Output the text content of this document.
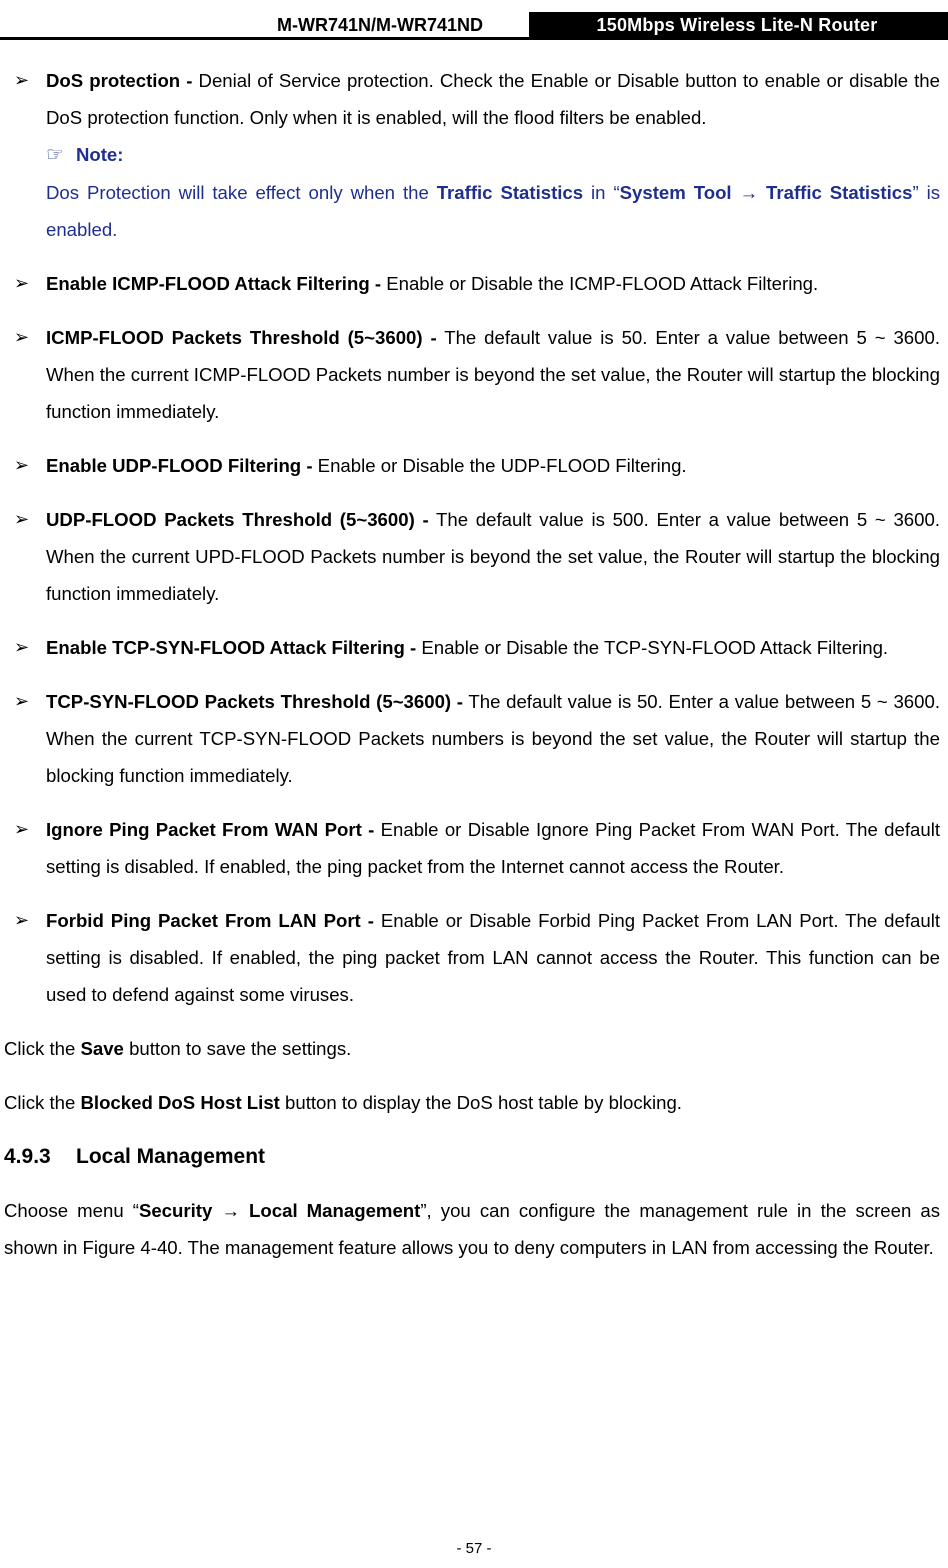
M-WR741N/M-WR741ND	150Mbps Wireless Lite-N Router
➢ DoS protection - Denial of Service protection. Check the Enable or Disable button to enable or disable the DoS protection function. Only when it is enabled, will the flood filters be enabled.
☞ Note:
Dos Protection will take effect only when the Traffic Statistics in “System Tool → Traffic Statistics” is enabled.
➢ Enable ICMP-FLOOD Attack Filtering - Enable or Disable the ICMP-FLOOD Attack Filtering.
➢ ICMP-FLOOD Packets Threshold (5~3600) - The default value is 50. Enter a value between 5 ~ 3600. When the current ICMP-FLOOD Packets number is beyond the set value, the Router will startup the blocking function immediately.
➢ Enable UDP-FLOOD Filtering - Enable or Disable the UDP-FLOOD Filtering.
➢ UDP-FLOOD Packets Threshold (5~3600) - The default value is 500. Enter a value between 5 ~ 3600. When the current UPD-FLOOD Packets number is beyond the set value, the Router will startup the blocking function immediately.
➢ Enable TCP-SYN-FLOOD Attack Filtering - Enable or Disable the TCP-SYN-FLOOD Attack Filtering.
➢ TCP-SYN-FLOOD Packets Threshold (5~3600) - The default value is 50. Enter a value between 5 ~ 3600. When the current TCP-SYN-FLOOD Packets numbers is beyond the set value, the Router will startup the blocking function immediately.
➢ Ignore Ping Packet From WAN Port - Enable or Disable Ignore Ping Packet From WAN Port. The default setting is disabled. If enabled, the ping packet from the Internet cannot access the Router.
➢ Forbid Ping Packet From LAN Port - Enable or Disable Forbid Ping Packet From LAN Port. The default setting is disabled. If enabled, the ping packet from LAN cannot access the Router. This function can be used to defend against some viruses.

Click the Save button to save the settings.

Click the Blocked DoS Host List button to display the DoS host table by blocking.

4.9.3 Local Management

Choose menu “Security → Local Management”, you can configure the management rule in the screen as shown in Figure 4-40. The management feature allows you to deny computers in LAN from accessing the Router.

- 57 -
